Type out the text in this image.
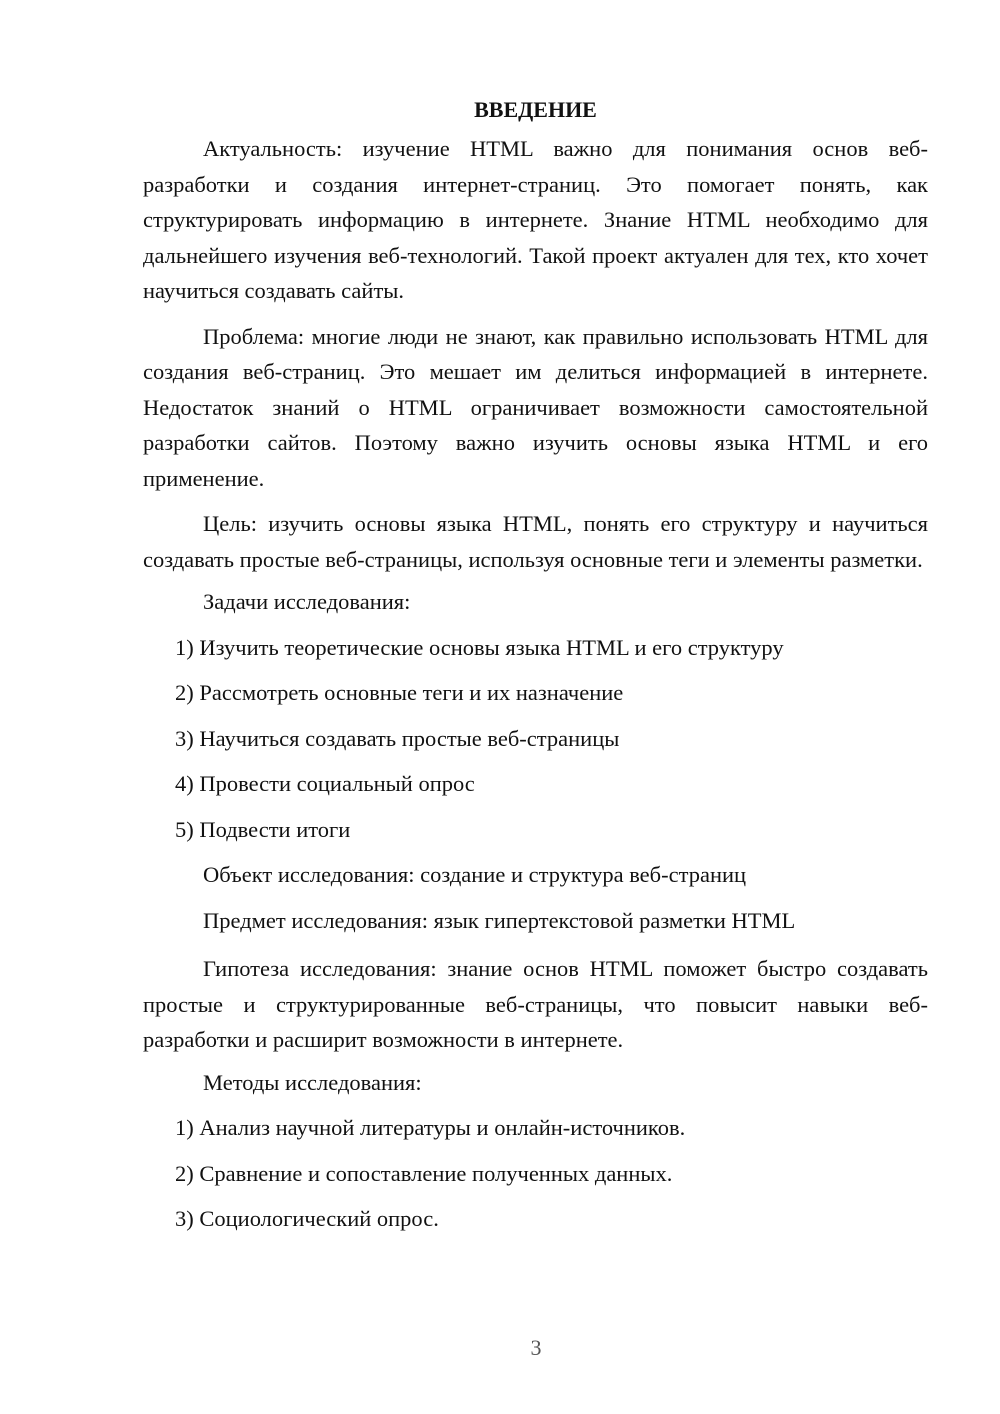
ВВЕДЕНИЕ

Актуальность: изучение HTML важно для понимания основ веб-разработки и создания интернет-страниц. Это помогает понять, как структурировать информацию в интернете. Знание HTML необходимо для дальнейшего изучения веб-технологий. Такой проект актуален для тех, кто хочет научиться создавать сайты.

Проблема: многие люди не знают, как правильно использовать HTML для создания веб-страниц. Это мешает им делиться информацией в интернете. Недостаток знаний о HTML ограничивает возможности самостоятельной разработки сайтов. Поэтому важно изучить основы языка HTML и его применение.

Цель: изучить основы языка HTML, понять его структуру и научиться создавать простые веб-страницы, используя основные теги и элементы разметки.

Задачи исследования:
1) Изучить теоретические основы языка HTML и его структуру
2) Рассмотреть основные теги и их назначение
3) Научиться создавать простые веб-страницы
4) Провести социальный опрос
5) Подвести итоги
Объект исследования: создание и структура веб-страниц
Предмет исследования: язык гипертекстовой разметки HTML

Гипотеза исследования: знание основ HTML поможет быстро создавать простые и структурированные веб-страницы, что повысит навыки веб-разработки и расширит возможности в интернете.

Методы исследования:
1) Анализ научной литературы и онлайн-источников.
2) Сравнение и сопоставление полученных данных.
3) Социологический опрос.
3
